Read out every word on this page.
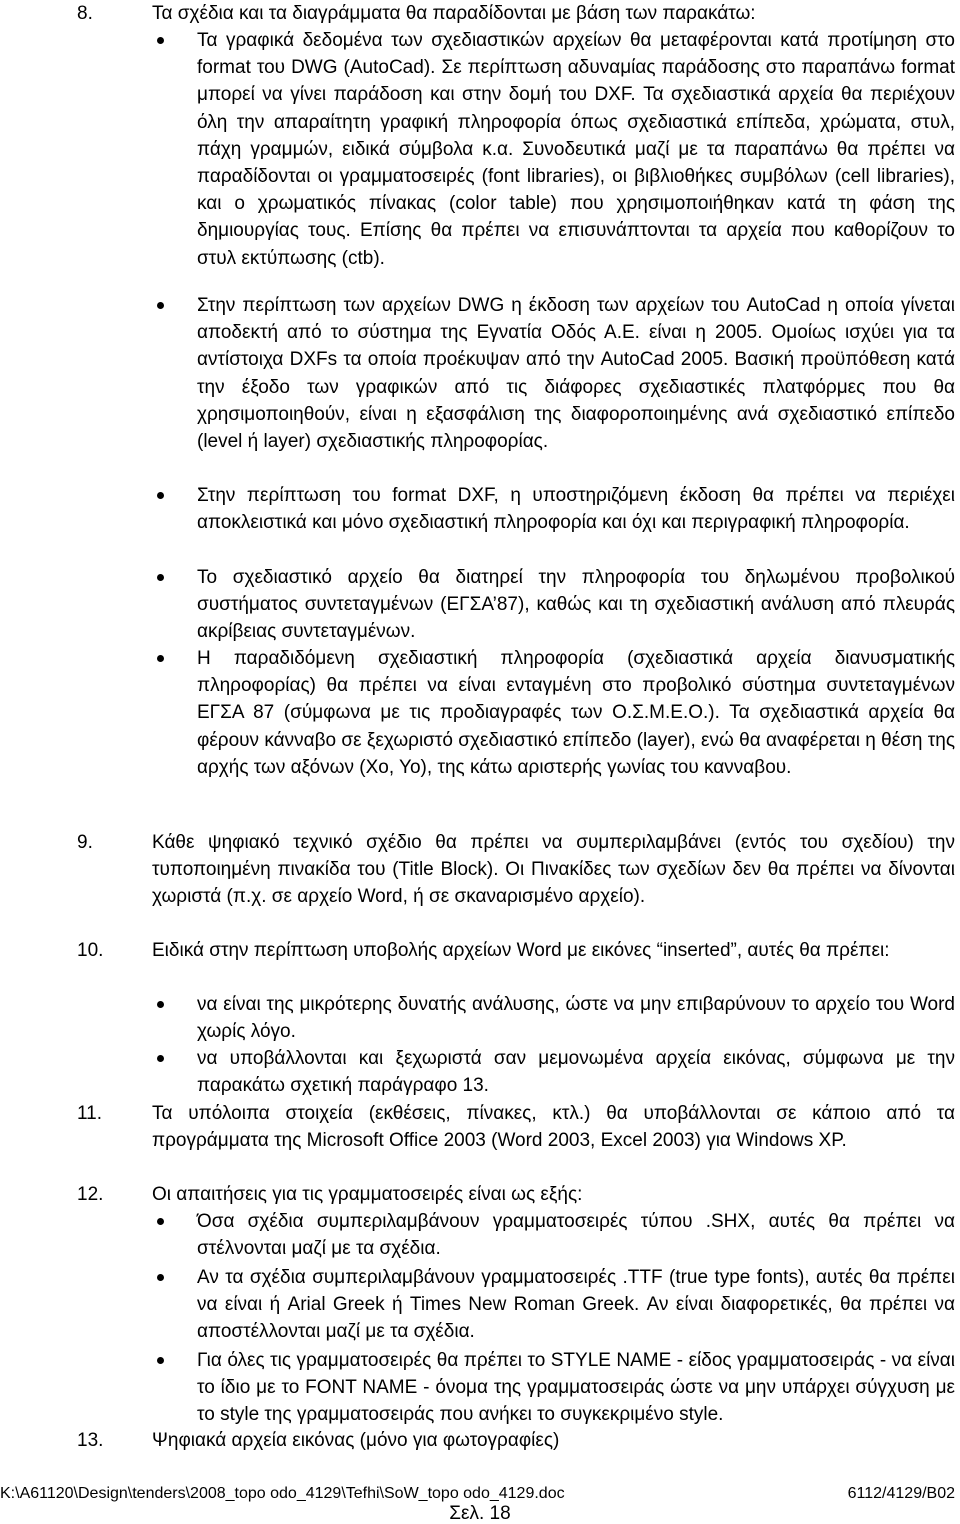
8.	Τα σχέδια και τα διαγράμματα θα παραδίδονται με βάση των παρακάτω:
Τα γραφικά δεδομένα των σχεδιαστικών αρχείων θα μεταφέρονται κατά προτίμηση στο format του DWG (AutoCad). Σε περίπτωση αδυναμίας παράδοσης στο παραπάνω format μπορεί να γίνει παράδοση και στην δομή του DXF. Τα σχεδιαστικά αρχεία θα περιέχουν όλη την απαραίτητη γραφική πληροφορία όπως σχεδιαστικά επίπεδα, χρώματα, στυλ, πάχη γραμμών, ειδικά σύμβολα κ.α. Συνοδευτικά μαζί με τα παραπάνω θα πρέπει να παραδίδονται οι γραμματοσειρές (font libraries), οι βιβλιοθήκες συμβόλων (cell libraries), και ο χρωματικός πίνακας (color table) που χρησιμοποιήθηκαν κατά τη φάση της δημιουργίας τους. Επίσης θα πρέπει να επισυνάπτονται τα αρχεία που καθορίζουν το στυλ εκτύπωσης (ctb).
Στην περίπτωση των αρχείων DWG η έκδοση των αρχείων του AutoCad η οποία γίνεται αποδεκτή από το σύστημα της Εγνατία Οδός Α.Ε. είναι η 2005. Ομοίως ισχύει για τα αντίστοιχα DXFs τα οποία προέκυψαν από την AutoCad 2005. Βασική προϋπόθεση κατά την έξοδο των γραφικών από τις διάφορες σχεδιαστικές πλατφόρμες που θα χρησιμοποιηθούν, είναι η εξασφάλιση της διαφοροποιημένης ανά σχεδιαστικό επίπεδο (level ή layer) σχεδιαστικής πληροφορίας.
Στην περίπτωση του format DXF, η υποστηριζόμενη έκδοση θα πρέπει να περιέχει αποκλειστικά και μόνο σχεδιαστική πληροφορία και όχι και περιγραφική πληροφορία.
Το σχεδιαστικό αρχείο θα διατηρεί την πληροφορία του δηλωμένου προβολικού συστήματος συντεταγμένων (ΕΓΣΑ’87), καθώς και τη σχεδιαστική ανάλυση από πλευράς ακρίβειας συντεταγμένων.
Η παραδιδόμενη σχεδιαστική πληροφορία (σχεδιαστικά αρχεία διανυσματικής πληροφορίας) θα πρέπει να είναι ενταγμένη στο προβολικό σύστημα συντεταγμένων ΕΓΣΑ 87 (σύμφωνα με τις προδιαγραφές των Ο.Σ.Μ.Ε.Ο.). Τα σχεδιαστικά αρχεία θα φέρουν κάνναβο σε ξεχωριστό σχεδιαστικό επίπεδο (layer), ενώ θα αναφέρεται η θέση της αρχής των αξόνων (Xo, Yo), της κάτω αριστερής γωνίας του κανναβου.
9.	Κάθε ψηφιακό τεχνικό σχέδιο θα πρέπει να συμπεριλαμβάνει (εντός του σχεδίου) την τυποποιημένη πινακίδα του (Title Block). Οι Πινακίδες των σχεδίων δεν θα πρέπει να δίνονται χωριστά (π.χ. σε αρχείο Word, ή σε σκαναρισμένο αρχείο).
10.	Ειδικά στην περίπτωση υποβολής αρχείων Word με εικόνες “inserted”, αυτές θα πρέπει:
να είναι της μικρότερης δυνατής ανάλυσης, ώστε να μην επιβαρύνουν το αρχείο του Word χωρίς λόγο.
να υποβάλλονται και ξεχωριστά σαν μεμονωμένα αρχεία εικόνας, σύμφωνα με την παρακάτω σχετική παράγραφο 13.
11.	Τα υπόλοιπα στοιχεία (εκθέσεις, πίνακες, κτλ.) θα υποβάλλονται σε κάποιο από τα προγράμματα της Microsoft Office 2003 (Word 2003, Excel 2003) για Windows XP.
12.	Οι απαιτήσεις για τις γραμματοσειρές είναι ως εξής:
Όσα σχέδια συμπεριλαμβάνουν γραμματοσειρές τύπου .SHX, αυτές θα πρέπει να στέλνονται μαζί με τα σχέδια.
Αν τα σχέδια συμπεριλαμβάνουν γραμματοσειρές .TTF (true type fonts), αυτές θα πρέπει να είναι ή Arial Greek ή Times New Roman Greek. Αν είναι διαφορετικές, θα πρέπει να αποστέλλονται μαζί με τα σχέδια.
Για όλες τις γραμματοσειρές θα πρέπει το STYLE NAME - είδος γραμματοσειράς - να είναι το ίδιο με το FONT NAME - όνομα της γραμματοσειράς ώστε να μην υπάρχει σύγχυση με το style της γραμματοσειράς που ανήκει το συγκεκριμένο style.
13.	Ψηφιακά αρχεία εικόνας (μόνο για φωτογραφίες)
K:\A61120\Design\tenders\2008_topo odo_4129\Tefhi\SoW_topo odo_4129.doc	6112/4129/B02
Σελ. 18
